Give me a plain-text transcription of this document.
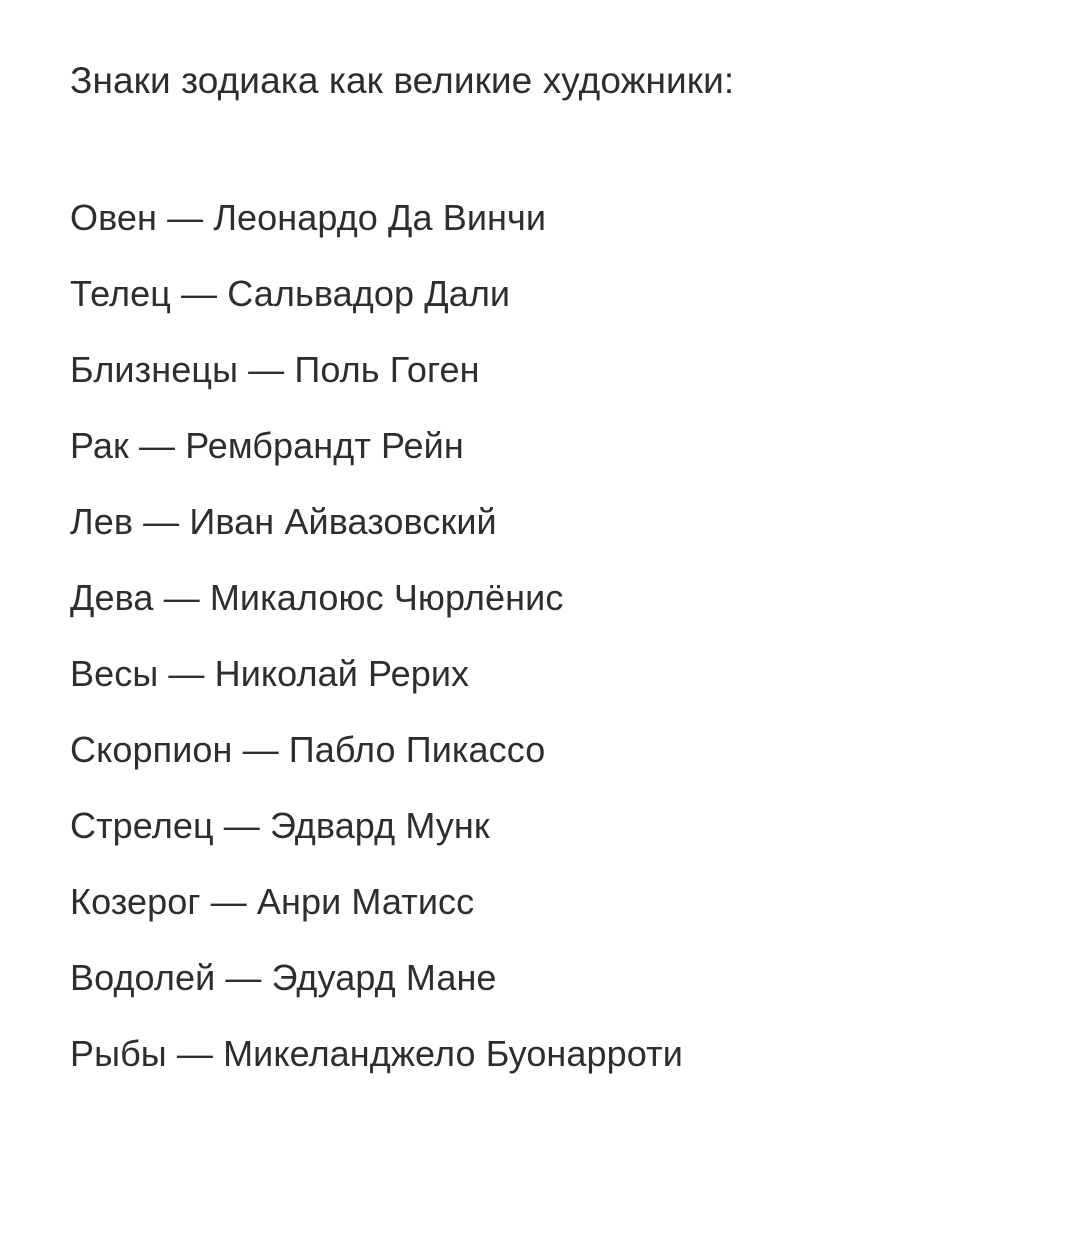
Знаки зодиака как великие художники:
Овен — Леонардо Да Винчи
Телец — Сальвадор Дали
Близнецы — Поль Гоген
Рак — Рембрандт Рейн
Лев — Иван Айвазовский
Дева — Микалоюс Чюрлёнис
Весы — Николай Рерих
Скорпион — Пабло Пикассо
Стрелец — Эдвард Мунк
Козерог — Анри Матисс
Водолей — Эдуард Мане
Рыбы — Микеланджело Буонарроти
